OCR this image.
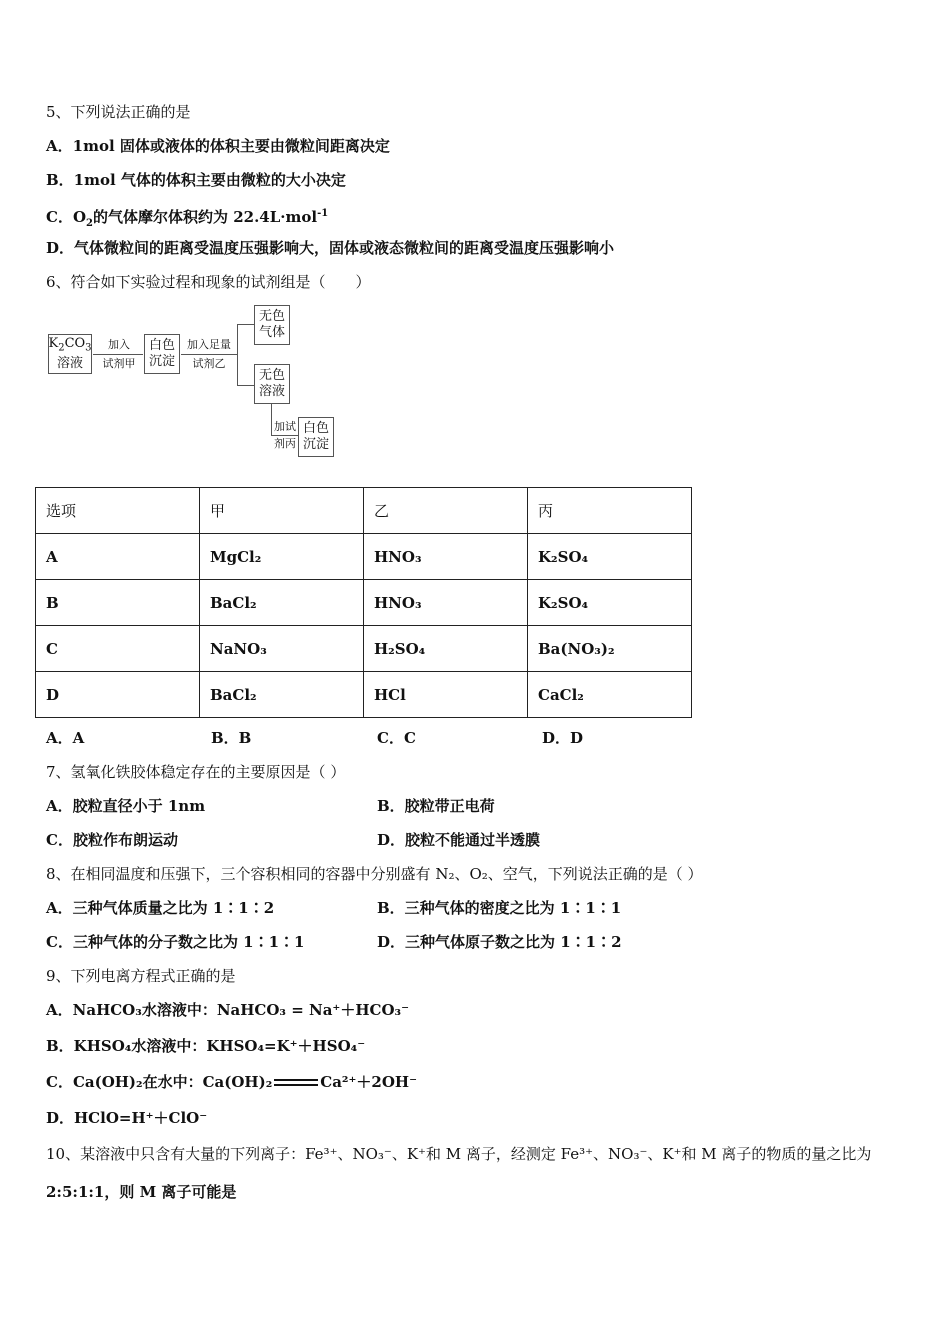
5、下列说法正确的是
A．1mol 固体或液体的体积主要由微粒间距离决定
B．1mol 气体的体积主要由微粒的大小决定
C．$O_2$的气体摩尔体积约为 22.4L·mol$^{-1}$
D．气体微粒间的距离受温度压强影响大，固体或液态微粒间的距离受温度压强影响小
6、符合如下实验过程和现象的试剂组是（　　）
$K_2CO_3$
溶液
加入
试剂甲
白色
沉淀
加入足量
试剂乙
无色
气体
无色
溶液
加试
剂丙
白色
沉淀
选项	甲	乙	丙
A	MgCl₂	HNO₃	K₂SO₄
B	BaCl₂	HNO₃	K₂SO₄
C	NaNO₃	H₂SO₄	Ba(NO₃)₂
D	BaCl₂	HCl	CaCl₂
A．A	B．B	C．C	D．D
7、氢氧化铁胶体稳定存在的主要原因是（ ）
A．胶粒直径小于 1nm	B．胶粒带正电荷
C．胶粒作布朗运动	D．胶粒不能通过半透膜
8、在相同温度和压强下，三个容积相同的容器中分别盛有 N₂、O₂、空气，下列说法正确的是（ ）
A．三种气体质量之比为 1∶1∶2	B．三种气体的密度之比为 1∶1∶1
C．三种气体的分子数之比为 1∶1∶1	D．三种气体原子数之比为 1∶1∶2
9、下列电离方程式正确的是
A．NaHCO₃水溶液中：NaHCO₃ = Na⁺＋HCO₃⁻
B．KHSO₄水溶液中：KHSO₄=K⁺＋HSO₄⁻
C．Ca(OH)₂在水中：Ca(OH)₂	Ca²⁺＋2OH⁻
D．HClO=H⁺＋ClO⁻
10、某溶液中只含有大量的下列离子：Fe³⁺、NO₃⁻、K⁺和 M 离子，经测定 Fe³⁺、NO₃⁻、K⁺和 M 离子的物质的量之比为
2:5:1:1，则 M 离子可能是
